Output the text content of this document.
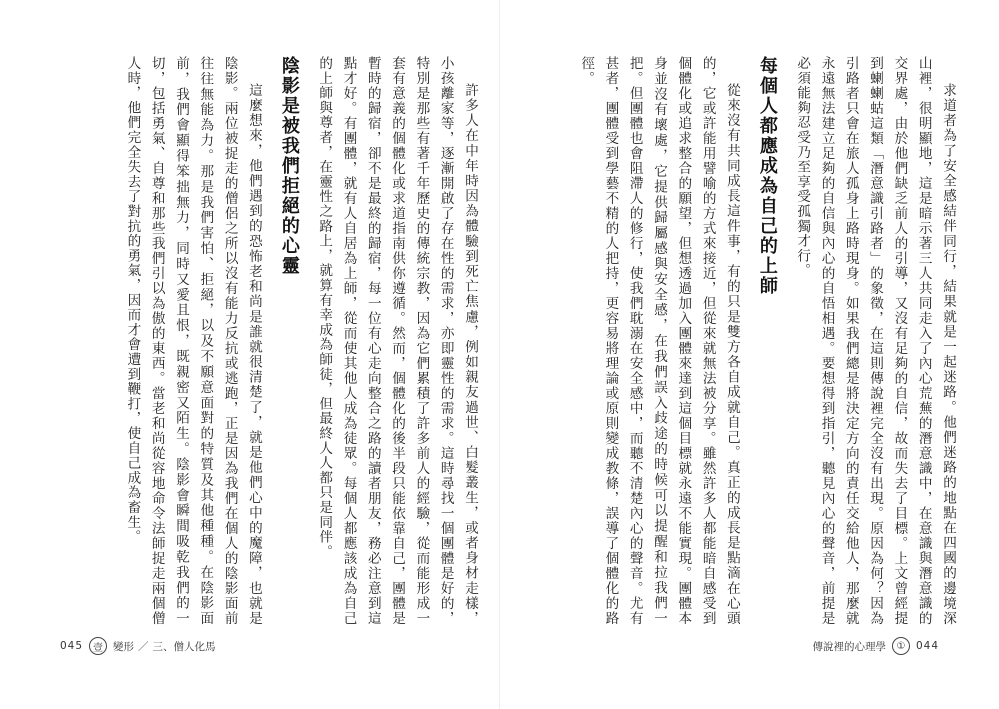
求道者為了安全感結伴同行，結果就是一起迷路。他們迷路的地點在四國的邊境深山裡，很明顯地，這是暗示著三人共同走入了內心荒蕪的潛意識中，在意識與潛意識的交界處，由於他們缺乏前人的引導，又沒有足夠的自信，故而失去了目標。上文曾經提到蝲蝲蛄這類「潛意識引路者」的象徵，在這則傳說裡完全沒有出現。原因為何？因為引路者只會在旅人孤身上路時現身。如果我們總是將決定方向的責任交給他人，那麼就永遠無法建立足夠的自信與內心的自悟相遇。要想得到指引，聽見內心的聲音，前提是必須能夠忍受乃至享受孤獨才行。

每個人都應成為自己的上師

從來沒有共同成長這件事，有的只是雙方各自成就自己。真正的成長是點滴在心頭的，它或許能用譬喻的方式來接近，但從來就無法被分享。雖然許多人都能暗自感受到個體化或追求整合的願望，但想透過加入團體來達到這個目標就永遠不能實現。團體本身並沒有壞處，它提供歸屬感與安全感，在我們誤入歧途的時候可以提醒和拉我們一把。但團體也會阻滯人的修行，使我們耽溺在安全感中，而聽不清楚內心的聲音。尤有甚者，團體受到學藝不精的人把持，更容易將理論或原則變成教條，誤導了個體化的路徑。

許多人在中年時因為體驗到死亡焦慮，例如親友過世、白髮叢生，或者身材走樣，小孩離家等，逐漸開啟了存在性的需求，亦即靈性的需求。這時尋找一個團體是好的，特別是那些有著千年歷史的傳統宗教，因為它們累積了許多前人的經驗，從而能形成一套有意義的個體化或求道指南供你遵循。然而，個體化的後半段只能依靠自己，團體是暫時的歸宿，卻不是最終的歸宿，每一位有心走向整合之路的讀者朋友，務必注意到這點才好。有團體，就有人自居為上師，從而使其他人成為徒眾。每個人都應該成為自己的上師與尊者，在靈性之路上，就算有幸成為師徒，但最終人人都只是同伴。

陰影是被我們拒絕的心靈

這麼想來，他們遇到的恐怖老和尚是誰就很清楚了，就是他們心中的魔障，也就是陰影。兩位被捉走的僧侶之所以沒有能力反抗或逃跑，正是因為我們在個人的陰影面前往往無能為力。那是我們害怕、拒絕，以及不願意面對的特質及其他種種。在陰影面前，我們會顯得笨拙無力，同時又愛且恨，既親密又陌生。陰影會瞬間吸乾我們的一切，包括勇氣、自尊和那些我們引以為傲的東西。當老和尚從容地命令法師捉走兩個僧人時，他們完全失去了對抗的勇氣，因而才會遭到鞭打，使自己成為畜生。

045	壹 變形 ／ 三、僧人化馬	傳說裡的心理學	①	044
